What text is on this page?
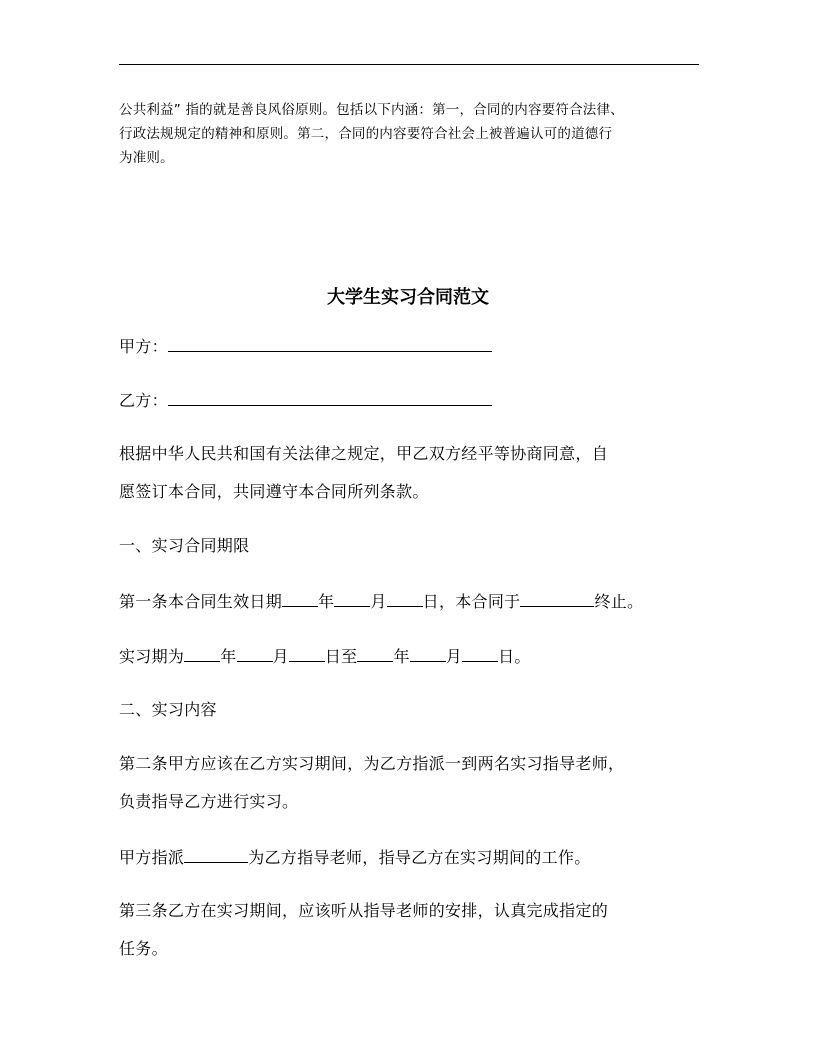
公共利益” 指的就是善良风俗原则。包括以下内涵：第一，合同的内容要符合法律、

行政法规规定的精神和原则。第二，合同的内容要符合社会上被普遍认可的道德行

为准则。

大学生实习合同范文
甲方：
乙方：
根据中华人民共和国有关法律之规定，甲乙双方经平等协商同意，自
愿签订本合同，共同遵守本合同所列条款。
一、实习合同期限
第一条本合同生效日期 年 月 日，本合同于	终止。
实习期为 年 月 日至 年 月 日。
二、实习内容
第二条甲方应该在乙方实习期间，为乙方指派一到两名实习指导老师，
负责指导乙方进行实习。
甲方指派	为乙方指导老师，指导乙方在实习期间的工作。
第三条乙方在实习期间，应该听从指导老师的安排，认真完成指定的
任务。
